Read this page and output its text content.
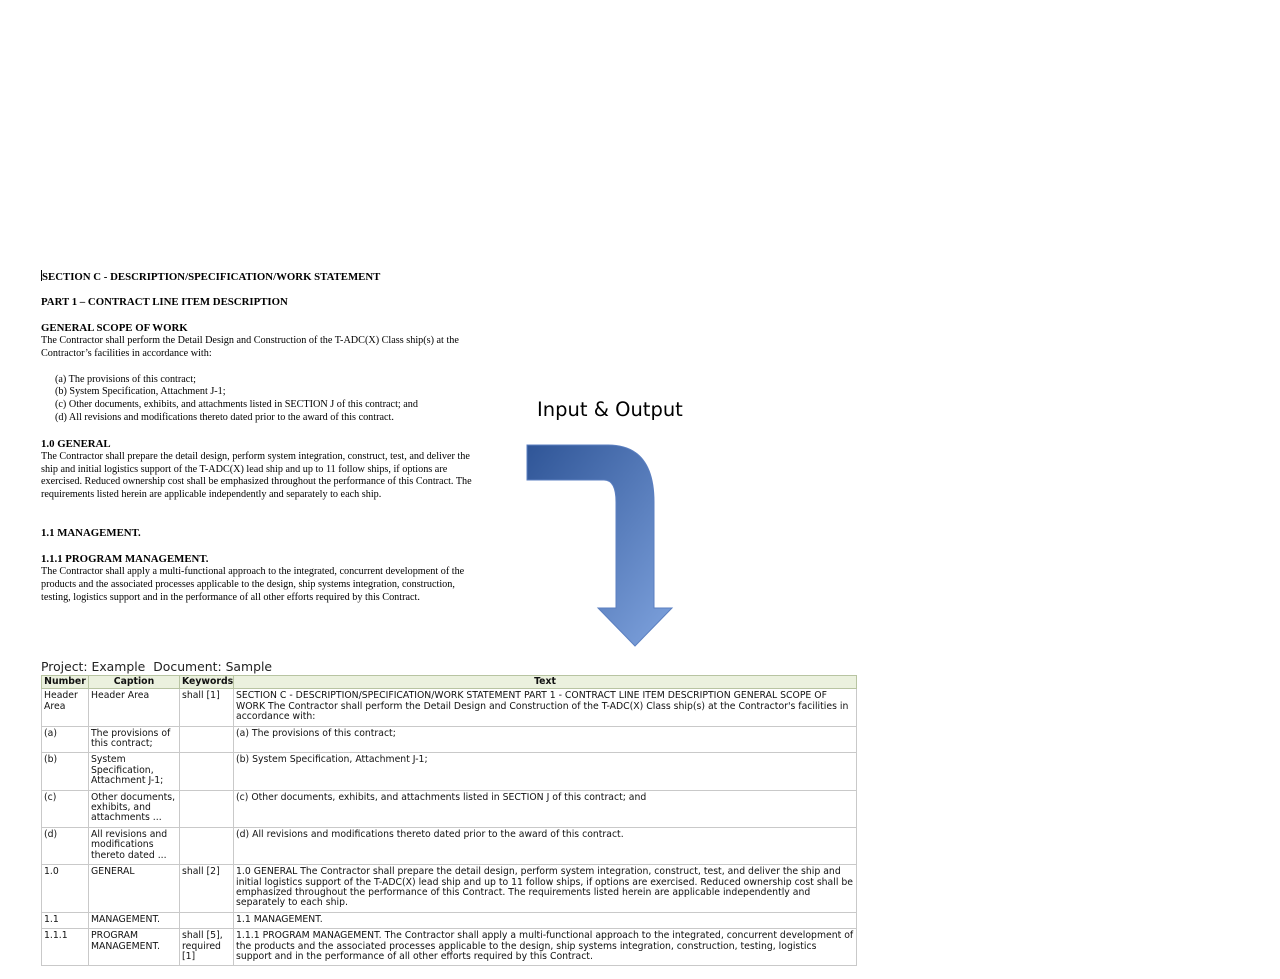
SECTION C - DESCRIPTION/SPECIFICATION/WORK STATEMENT

PART 1 – CONTRACT LINE ITEM DESCRIPTION

GENERAL SCOPE OF WORK

The Contractor shall perform the Detail Design and Construction of the T-ADC(X) Class ship(s) at the Contractor’s facilities in accordance with:

(a) The provisions of this contract;
(b) System Specification, Attachment J-1;
(c) Other documents, exhibits, and attachments listed in SECTION J of this contract; and
(d) All revisions and modifications thereto dated prior to the award of this contract.

1.0 GENERAL

The Contractor shall prepare the detail design, perform system integration, construct, test, and deliver the ship and initial logistics support of the T-ADC(X) lead ship and up to 11 follow ships, if options are exercised. Reduced ownership cost shall be emphasized throughout the performance of this Contract. The requirements listed herein are applicable independently and separately to each ship.

1.1 MANAGEMENT.

1.1.1 PROGRAM MANAGEMENT.

The Contractor shall apply a multi-functional approach to the integrated, concurrent development of the products and the associated processes applicable to the design, ship systems integration, construction, testing, logistics support and in the performance of all other efforts required by this Contract.

Input & Output
Project: Example Document: Sample
Number	Caption	Keywords	Text
Header Area	Header Area	shall [1]	SECTION C - DESCRIPTION/SPECIFICATION/WORK STATEMENT PART 1 - CONTRACT LINE ITEM DESCRIPTION GENERAL SCOPE OF WORK The Contractor shall perform the Detail Design and Construction of the T-ADC(X) Class ship(s) at the Contractor's facilities in accordance with:
(a)	The provisions of this contract;		(a) The provisions of this contract;
(b)	System Specification, Attachment J-1;		(b) System Specification, Attachment J-1;
(c)	Other documents, exhibits, and attachments ...		(c) Other documents, exhibits, and attachments listed in SECTION J of this contract; and
(d)	All revisions and modifications thereto dated ...		(d) All revisions and modifications thereto dated prior to the award of this contract.
1.0	GENERAL	shall [2]	1.0 GENERAL The Contractor shall prepare the detail design, perform system integration, construct, test, and deliver the ship and initial logistics support of the T-ADC(X) lead ship and up to 11 follow ships, if options are exercised. Reduced ownership cost shall be emphasized throughout the performance of this Contract. The requirements listed herein are applicable independently and separately to each ship.
1.1	MANAGEMENT.		1.1 MANAGEMENT.
1.1.1	PROGRAM MANAGEMENT.	shall [5], required [1]	1.1.1 PROGRAM MANAGEMENT. The Contractor shall apply a multi-functional approach to the integrated, concurrent development of the products and the associated processes applicable to the design, ship systems integration, construction, testing, logistics support and in the performance of all other efforts required by this Contract.
